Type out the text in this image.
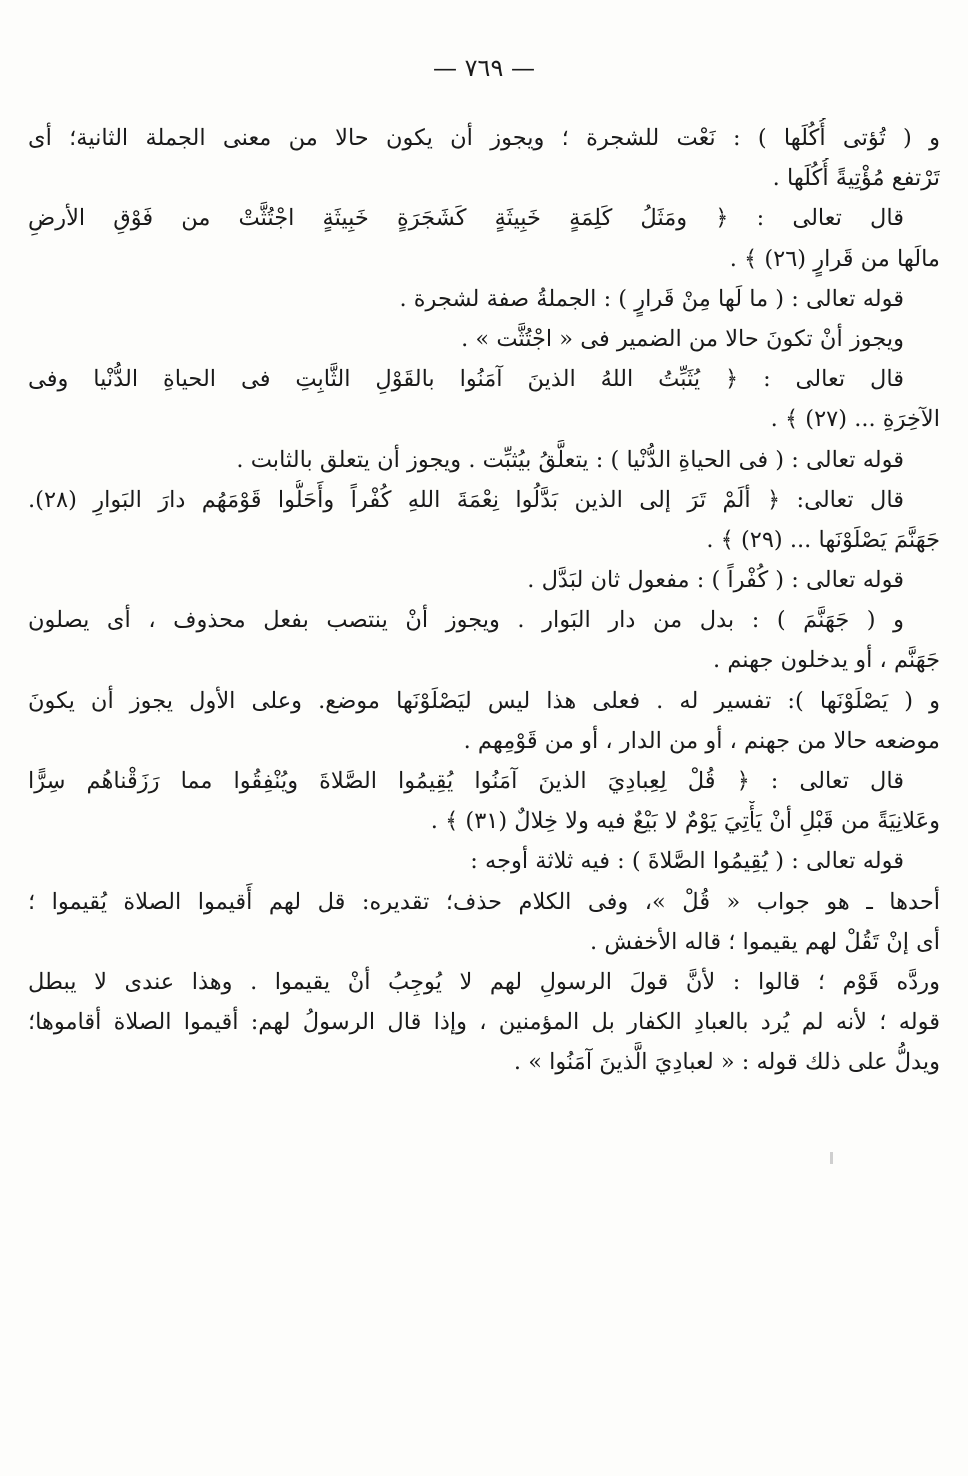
— ٧٦٩ —
و ( تُؤتى أُكُلَها ) : نَعْت للشجرة ؛ ويجوز أن يكون حالا من معنى الجملة الثانية؛ أى
تَرْتفع مُؤْتِيةً أُكُلَها .
قال تعالى : ﴿ ومَثَلُ كَلِمَةٍ خَبِيثَةٍ كَشَجَرَةٍ خَبِيثَةٍ اجْتُثَّتْ من فَوْقِ الأرضِ
مالَها من قَرارٍ (٢٦) ﴾ .
قوله تعالى : ( ما لَها مِنْ قَرارٍ ) : الجملةُ صفة لشجرة .
ويجوز أنْ تكونَ حالا من الضمير فى « اجْتُثَّت » .
قال تعالى : ﴿ يُثَبِّتُ اللهُ الذينَ آمَنُوا بالقَوْلِ الثَّابِتِ فى الحياةِ الدُّنْيا وفى
الآخِرَةِ ... (٢٧) ﴾ .
قوله تعالى : ( فى الحياةِ الدُّنْيا ) : يتعلَّقُ بيُثبِّت . ويجوز أن يتعلق بالثابت .
قال تعالى: ﴿ ألَمْ تَرَ إلى الذين بَدَّلُوا نِعْمَةَ اللهِ كُفْراً وأَحَلُّوا قَوْمَهُم دارَ البَوارِ (٢٨).
جَهَنَّمَ يَصْلَوْنَها ... (٢٩) ﴾ .
قوله تعالى : ( كُفْراً ) : مفعول ثان لبَدَّل .
و ( جَهَنَّمَ ) : بدل من دار البَوار . ويجوز أنْ ينتصب بفعل محذوف ، أى يصلون
جَهَنَّم ، أو يدخلون جهنم .
و ( يَصْلَوْنَها ): تفسير له . فعلى هذا ليس ليَصْلَوْنَها موضع. وعلى الأول يجوز أن يكونَ
موضعه حالا من جهنم ، أو من الدار ، أو من قَوْمِهم .
قال تعالى : ﴿ قُلْ لِعِبادِيَ الذينَ آمَنُوا يُقِيمُوا الصَّلاةَ ويُنْفِقُوا مما رَزَقْناهُم سِرًّا
وعَلانِيَةً من قَبْلِ أنْ يَأْتِيَ يَوْمٌ لا بَيْعٌ فيه ولا خِلالٌ (٣١) ﴾ .
قوله تعالى : ( يُقِيمُوا الصَّلاةَ ) : فيه ثلاثة أوجه :
أحدها ـ هو جواب « قُلْ »، وفى الكلام حذف؛ تقديره: قل لهم أَقيموا الصلاة يُقيموا ؛
أى إنْ تَقُلْ لهم يقيموا ؛ قاله الأخفش .
وردَّه قَوْم ؛ قالوا : لأنَّ قولَ الرسولِ لهم لا يُوجِبُ أنْ يقيموا . وهذا عندى لا يبطل
قوله ؛ لأنه لم يُرد بالعبادِ الكفار بل المؤمنين ، وإذا قال الرسولُ لهم: أقيموا الصلاة أقاموها؛
ويدلُّ على ذلك قوله : « لعبادِيَ الَّذينَ آمَنُوا » .
